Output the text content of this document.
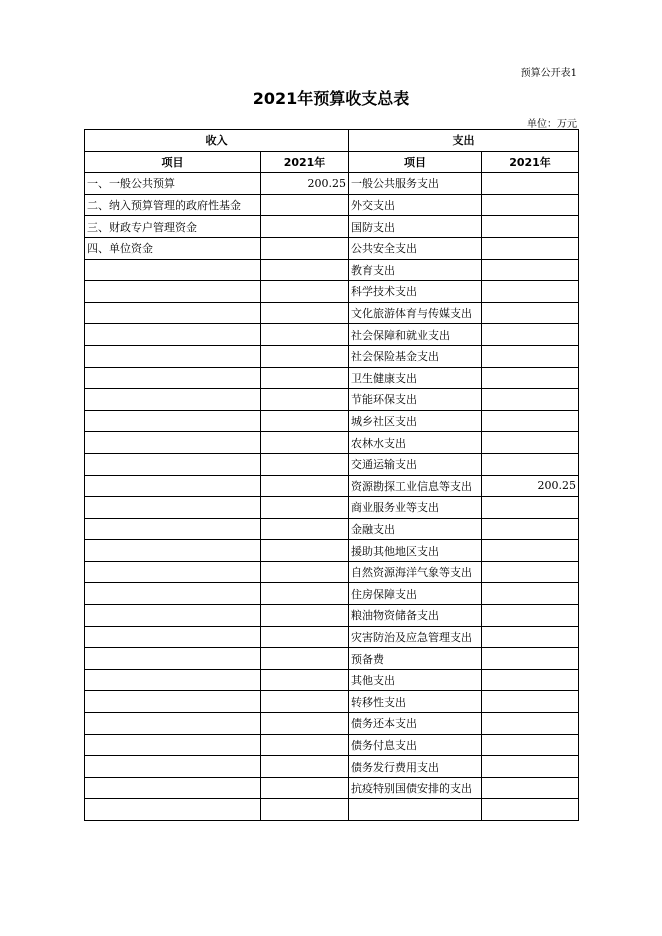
预算公开表1
2021年预算收支总表
单位：万元
收入		支出	
项目	2021年	项目	2021年
一、一般公共预算	200.25	一般公共服务支出	
二、纳入预算管理的政府性基金		外交支出	
三、财政专户管理资金		国防支出	
四、单位资金		公共安全支出	
		教育支出	
		科学技术支出	
		文化旅游体育与传媒支出	
		社会保障和就业支出	
		社会保险基金支出	
		卫生健康支出	
		节能环保支出	
		城乡社区支出	
		农林水支出	
		交通运输支出	
		资源勘探工业信息等支出	200.25
		商业服务业等支出	
		金融支出	
		援助其他地区支出	
		自然资源海洋气象等支出	
		住房保障支出	
		粮油物资储备支出	
		灾害防治及应急管理支出	
		预备费	
		其他支出	
		转移性支出	
		债务还本支出	
		债务付息支出	
		债务发行费用支出	
		抗疫特别国债安排的支出	
